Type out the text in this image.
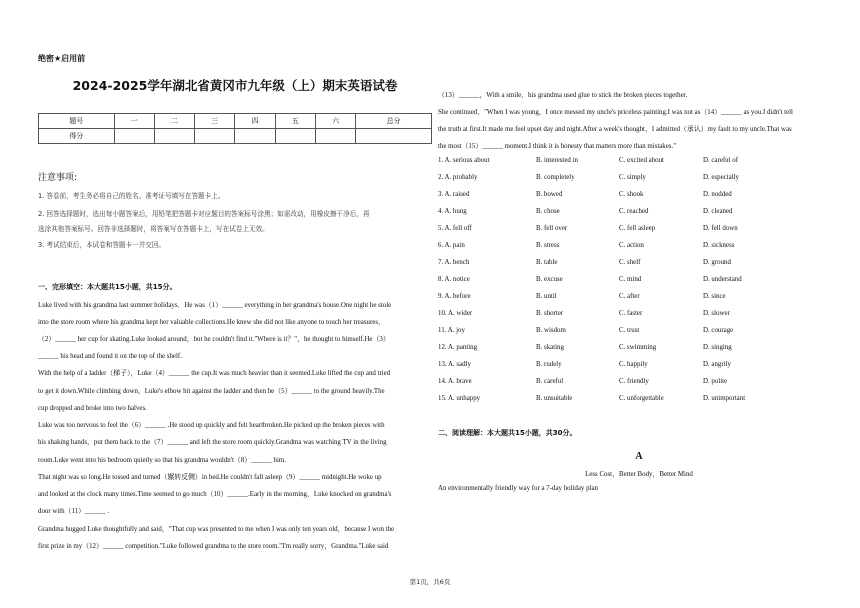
绝密★启用前
2024-2025学年湖北省黄冈市九年级（上）期末英语试卷
题号	一	二	三	四	五	六	总分
得分							
注意事项:
1. 答卷前，考生务必将自己的姓名、准考证号填写在答题卡上。
2. 回答选择题时，选出每小题答案后，用铅笔把答题卡对应题目的答案标号涂黑；如需改动，用橡皮擦干净后，再
选涂其他答案标号。回答非选择题时，将答案写在答题卡上，写在试卷上无效。
3. 考试结束后，本试卷和答题卡一并交回。
一、完形填空：本大题共15小题，共15分。
Luke lived with his grandma last summer holidays．He was（1）______ everything in her grandma's house.One night he stole
into the store room where his grandma kept her valuable collections.He knew she did not like anyone to touch her treasures，
（2）______ her cup for skating.Luke looked around，but he couldn't find it."Where is it？"，he thought to himself.He（3）
______ his head and found it on the top of the shelf.
With the help of a ladder（梯子），Luke（4）______ the cup.It was much heavier than it seemed.Luke lifted the cup and tried
to get it down.While climbing down，Luke's elbow hit against the ladder and then he（5）______ to the ground heavily.The
cup dropped and broke into two halves.
Luke was too nervous to feel the（6）______ .He stood up quickly and felt heartbroken.He picked up the broken pieces with
his shaking hands，put them back to the（7）______ and left the store room quickly.Grandma was watching TV in the living
room.Luke went into his bedroom quietly so that his grandma wouldn't（8）______ him.
That night was so long.He tossed and turned（辗转反侧）in bed.He couldn't fall asleep（9）______ midnight.He woke up
and looked at the clock many times.Time seemed to go much（10）______.Early in the morning，Luke knocked on grandma's
door with（11）______ .
Grandma hugged Luke thoughtfully and said，"That cup was presented to me when I was only ten years old，because I won the
first prize in my（12）______ competition."Luke followed grandma to the store room."I'm really sorry，Grandma."Luke said
（13）______，With a smile，his grandma used glue to stick the broken pieces together.
She continued，"When I was young，I once messed my uncle's priceless painting.I was not as（14）______ as you.I didn't tell
the truth at first.It made me feel upset day and night.After a week's thought，I admitted（承认）my fault to my uncle.That was
the most（15）______ moment.I think it is honesty that matters more than mistakes."
1. A. serious about	B. interested in	C. excited about	D. careful of
2. A. probably	B. completely	C. simply	D. especially
3. A. raised	B. bowed	C. shook	D. nodded
4. A. hung	B. chose	C. reached	D. cleaned
5. A. fell off	B. fell over	C. fell asleep	D. fell down
6. A. pain	B. stress	C. action	D. sickness
7. A. bench	B. table	C. shelf	D. ground
8. A. notice	B. excuse	C. mind	D. understand
9. A. before	B. until	C. after	D. since
10. A. wider	B. shorter	C. faster	D. slower
11. A. joy	B. wisdom	C. trust	D. courage
12. A. panting	B. skating	C. swimming	D. singing
13. A. sadly	B. rudely	C. happily	D. angrily
14. A. brave	B. careful	C. friendly	D. polite
15. A. unhappy	B. unsuitable	C. unforgettable	D. unimportant
二、阅读理解：本大题共15小题，共30分。
A
Less Cost，Better Body，Better Mind
An environmentally friendly way for a 7-day holiday plan
第1页，共6页
